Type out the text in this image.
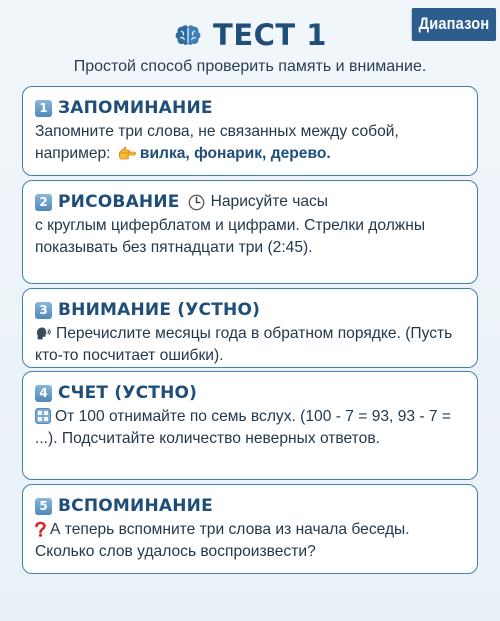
Диапазон
ТЕСТ 1
Простой способ проверить память и внимание.
1 ЗАПОМИНАНИЕ
Запомните три слова, не связанных между собой,
например: вилка, фонарик, дерево.
2 РИСОВАНИЕ Нарисуйте часы
с круглым циферблатом и цифрами. Стрелки должны показывать без пятнадцати три (2:45).
3 ВНИМАНИЕ (УСТНО)
Перечислите месяцы года в обратном порядке. (Пусть кто-то посчитает ошибки).
4 СЧЕТ (УСТНО)
От 100 отнимайте по семь вслух. (100 - 7 = 93, 93 - 7 = ...). Подсчитайте количество неверных ответов.
5 ВСПОМИНАНИЕ
А теперь вспомните три слова из начала беседы. Сколько слов удалось воспроизвести?
